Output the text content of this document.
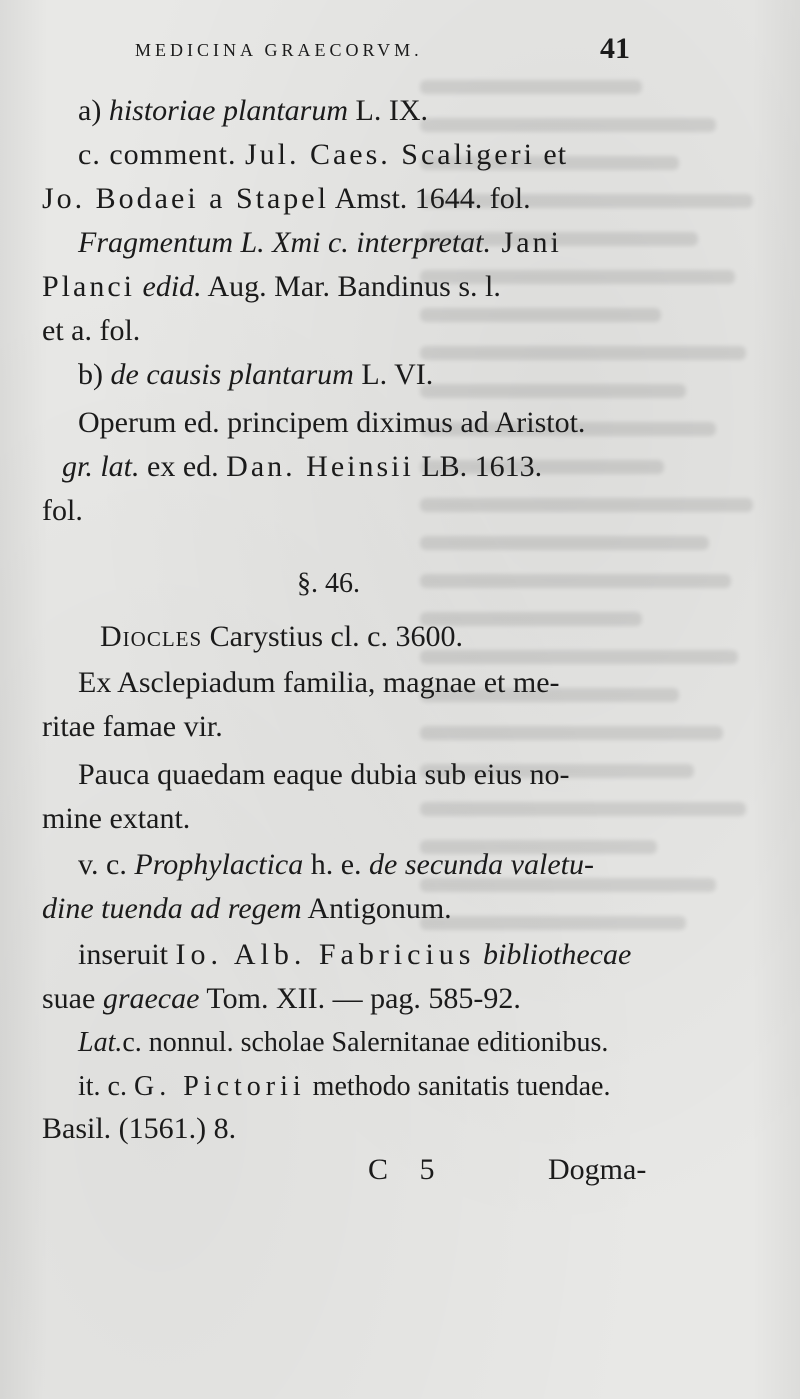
MEDICINA GRAECORVM.	41
a) historiae plantarum L. IX.
c. comment. Jul. Caes. Scaligeri et
Jo. Bodaei a Stapel Amst. 1644. fol.
Fragmentum L. Xmi c. interpretat. Jani
Planci edid. Aug. Mar. Bandinus s. l.
et a. fol.
b) de causis plantarum L. VI.
Operum ed. principem diximus ad Aristot.
gr. lat. ex ed. Dan. Heinsii LB. 1613.
fol.
§. 46.
Diocles Carystius cl. c. 3600.
Ex Asclepiadum familia, magnae et me-
ritae famae vir.
Pauca quaedam eaque dubia sub eius no-
mine extant.
v. c. Prophylactica h. e. de secunda valetu-
dine tuenda ad regem Antigonum.
inseruit Io. Alb. Fabricius bibliothecae
suae graecae Tom. XII. — pag. 585-92.
Lat.c. nonnul. scholae Salernitanae editionibus.
it. c. G. Pictorii methodo sanitatis tuendae.
Basil. (1561.) 8.
C 5	Dogma-
